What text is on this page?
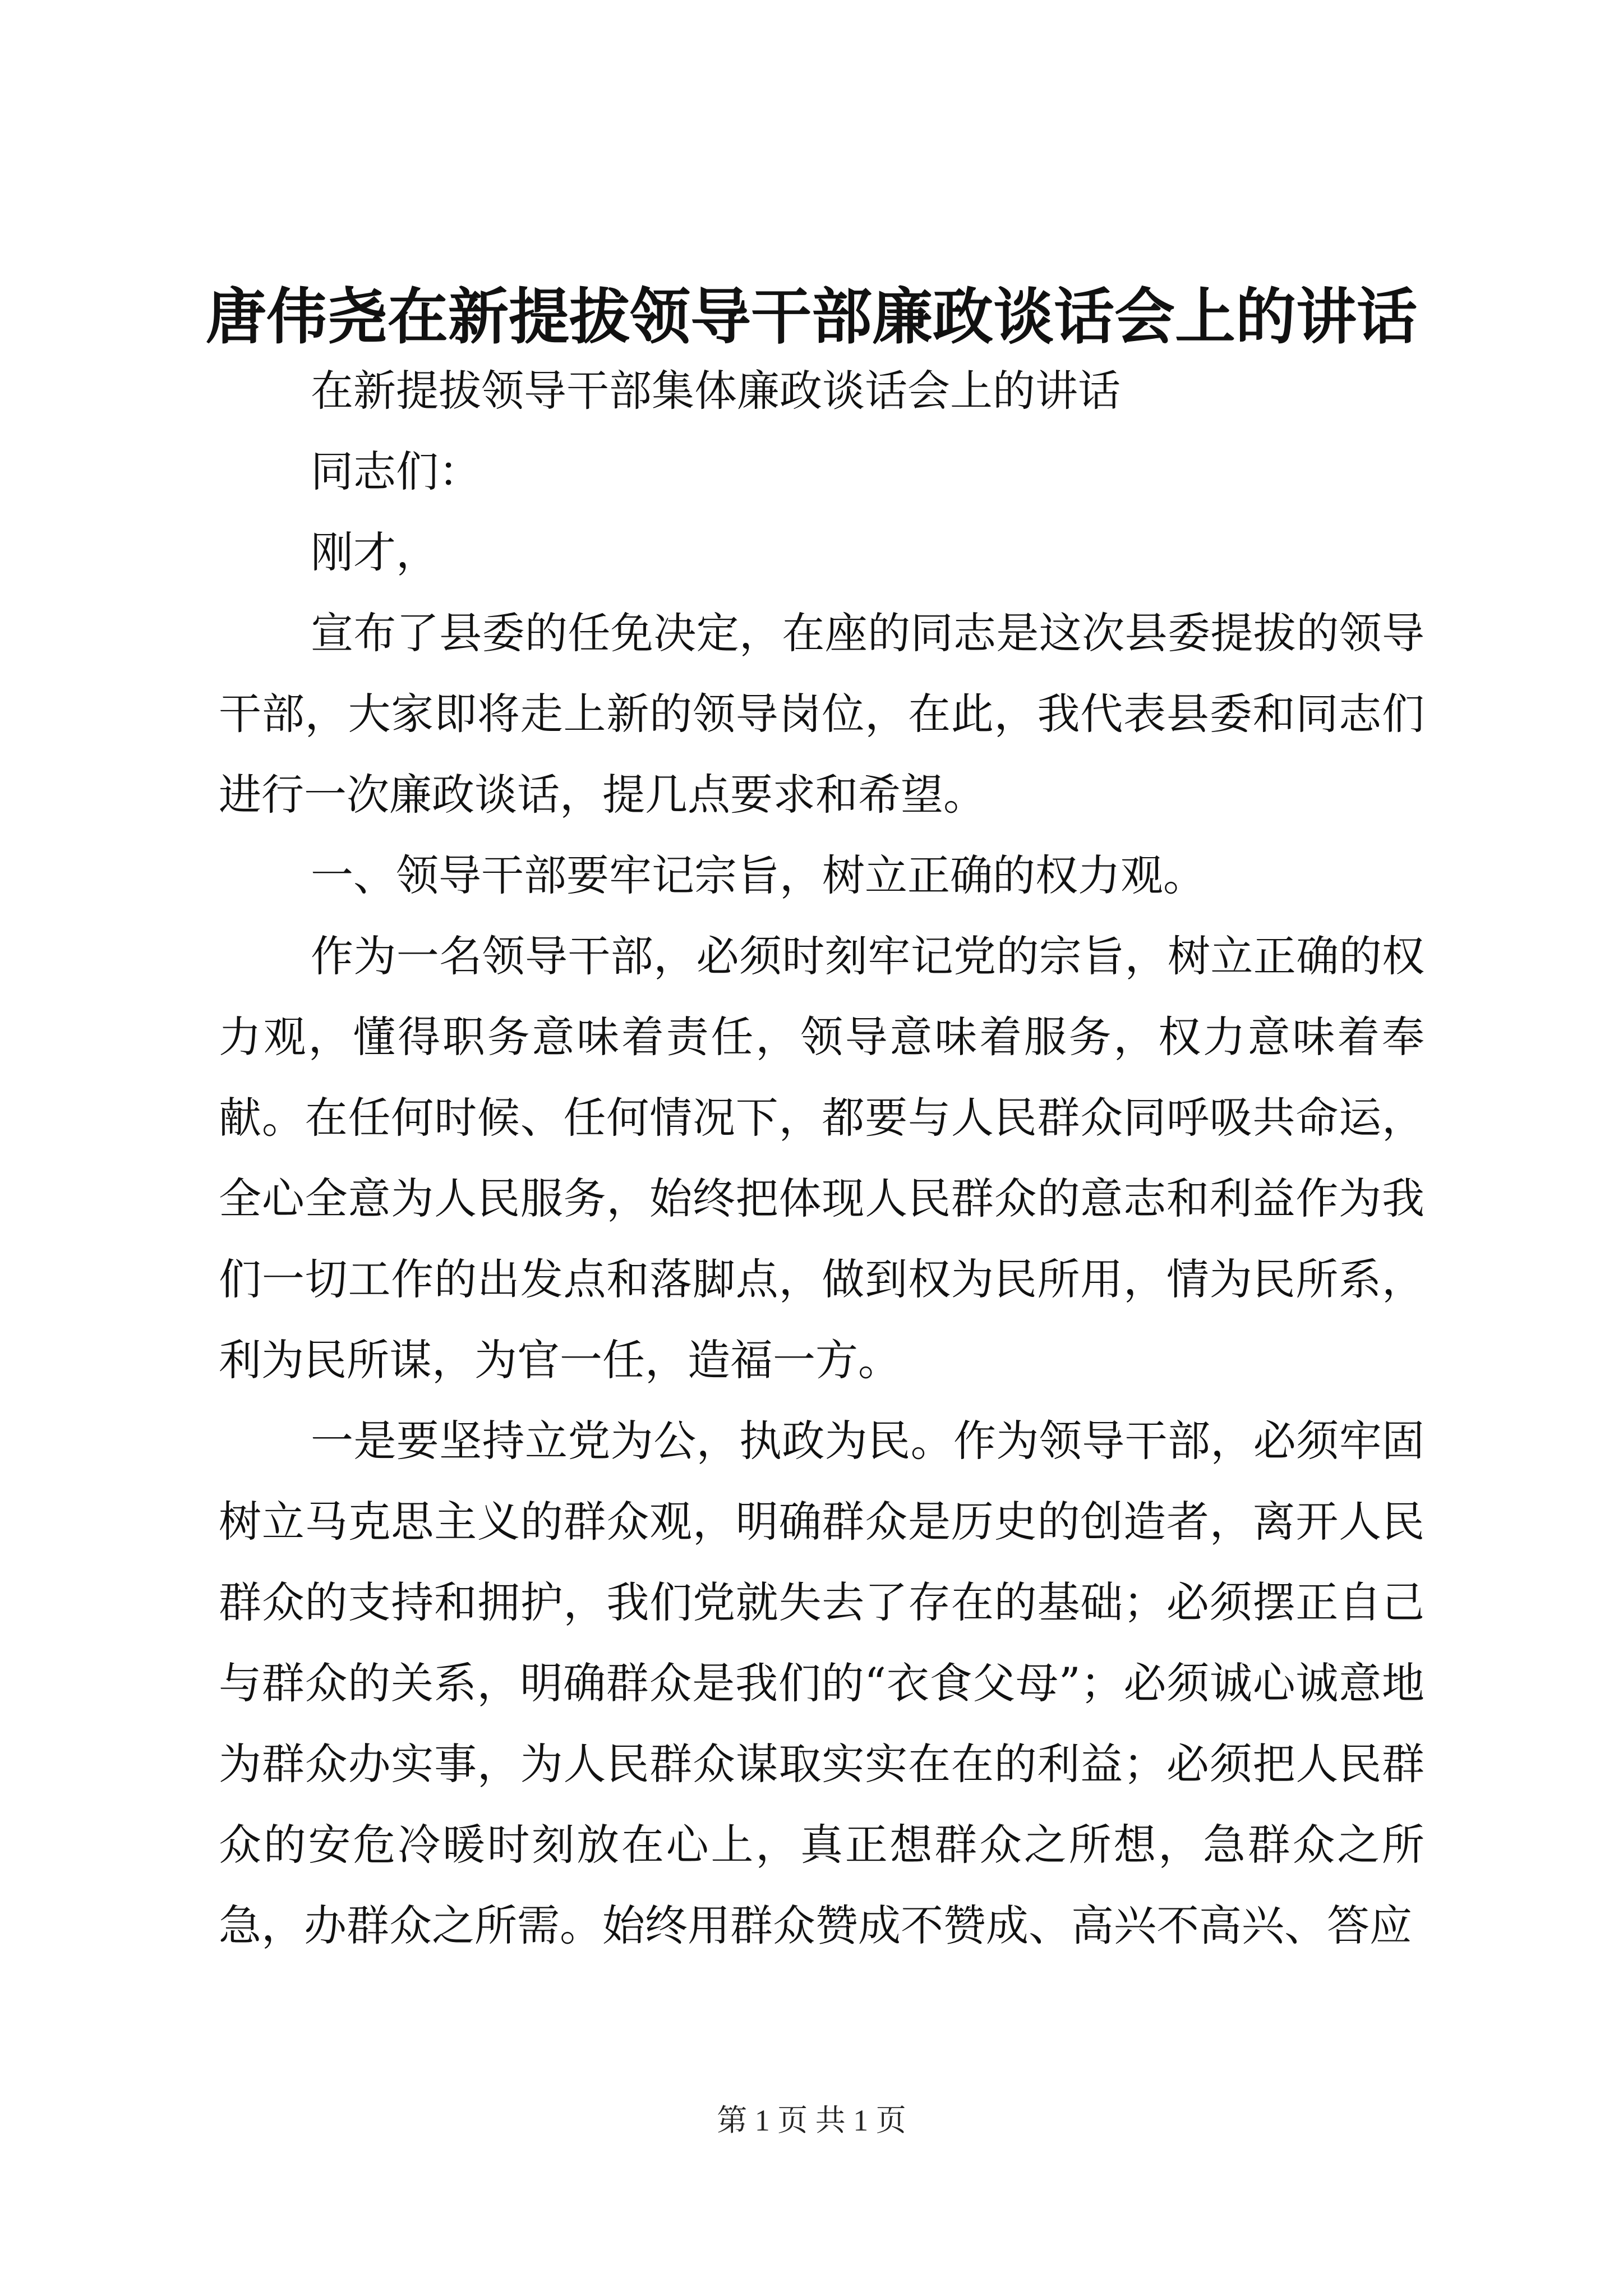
唐伟尧在新提拔领导干部廉政谈话会上的讲话

在新提拔领导干部集体廉政谈话会上的讲话

同志们：

刚才，

宣布了县委的任免决定，在座的同志是这次县委提拔的领导干部，大家即将走上新的领导岗位，在此，我代表县委和同志们进行一次廉政谈话，提几点要求和希望。

一、领导干部要牢记宗旨，树立正确的权力观。

作为一名领导干部，必须时刻牢记党的宗旨，树立正确的权力观，懂得职务意味着责任，领导意味着服务，权力意味着奉献。在任何时候、任何情况下，都要与人民群众同呼吸共命运，全心全意为人民服务，始终把体现人民群众的意志和利益作为我们一切工作的出发点和落脚点，做到权为民所用，情为民所系，利为民所谋，为官一任，造福一方。

一是要坚持立党为公，执政为民。作为领导干部，必须牢固树立马克思主义的群众观，明确群众是历史的创造者，离开人民群众的支持和拥护，我们党就失去了存在的基础；必须摆正自己与群众的关系，明确群众是我们的“衣食父母”；必须诚心诚意地为群众办实事，为人民群众谋取实实在在的利益；必须把人民群众的安危冷暖时刻放在心上，真正想群众之所想，急群众之所急，办群众之所需。始终用群众赞成不赞成、高兴不高兴、答应

第 1 页 共 1 页
